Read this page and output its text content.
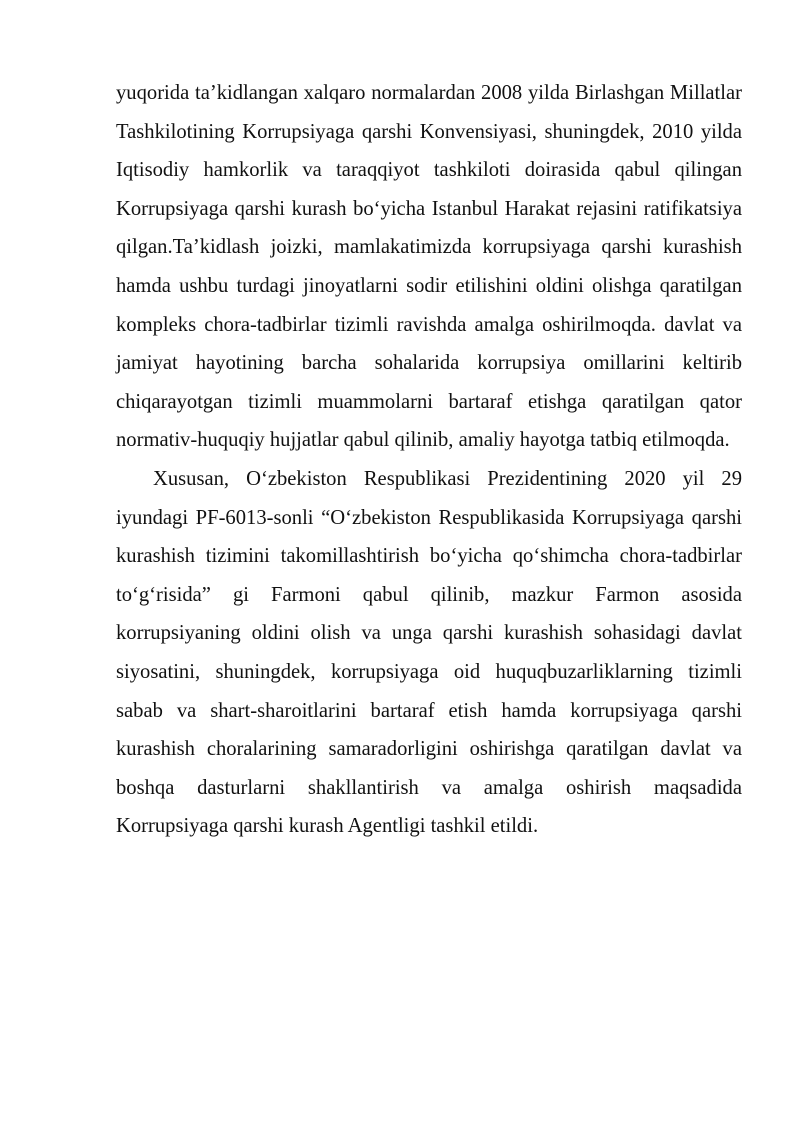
yuqorida ta’kidlangan xalqaro normalardan 2008 yilda Birlashgan Millatlar Tashkilotining Korrupsiyaga qarshi Konvensiyasi, shuningdek, 2010 yilda Iqtisodiy hamkorlik va taraqqiyot tashkiloti doirasida qabul qilingan Korrupsiyaga qarshi kurash bo‘yicha Istanbul Harakat rejasini ratifikatsiya qilgan.Ta’kidlash joizki, mamlakatimizda korrupsiyaga qarshi kurashish hamda ushbu turdagi jinoyatlarni sodir etilishini oldini olishga qaratilgan kompleks chora-tadbirlar tizimli ravishda amalga oshirilmoqda. davlat va jamiyat hayotining barcha sohalarida korrupsiya omillarini keltirib chiqarayotgan tizimli muammolarni bartaraf etishga qaratilgan qator normativ-huquqiy hujjatlar qabul qilinib, amaliy hayotga tatbiq etilmoqda.

Xususan, O‘zbekiston Respublikasi Prezidentining 2020 yil 29 iyundagi PF-6013-sonli “O‘zbekiston Respublikasida Korrupsiyaga qarshi kurashish tizimini takomillashtirish bo‘yicha qo‘shimcha chora-tadbirlar to‘g‘risida” gi Farmoni qabul qilinib, mazkur Farmon asosida korrupsiyaning oldini olish va unga qarshi kurashish sohasidagi davlat siyosatini, shuningdek, korrupsiyaga oid huquqbuzarliklarning tizimli sabab va shart-sharoitlarini bartaraf etish hamda korrupsiyaga qarshi kurashish choralarining samaradorligini oshirishga qaratilgan davlat va boshqa dasturlarni shakllantirish va amalga oshirish maqsadida Korrupsiyaga qarshi kurash Agentligi tashkil etildi.
